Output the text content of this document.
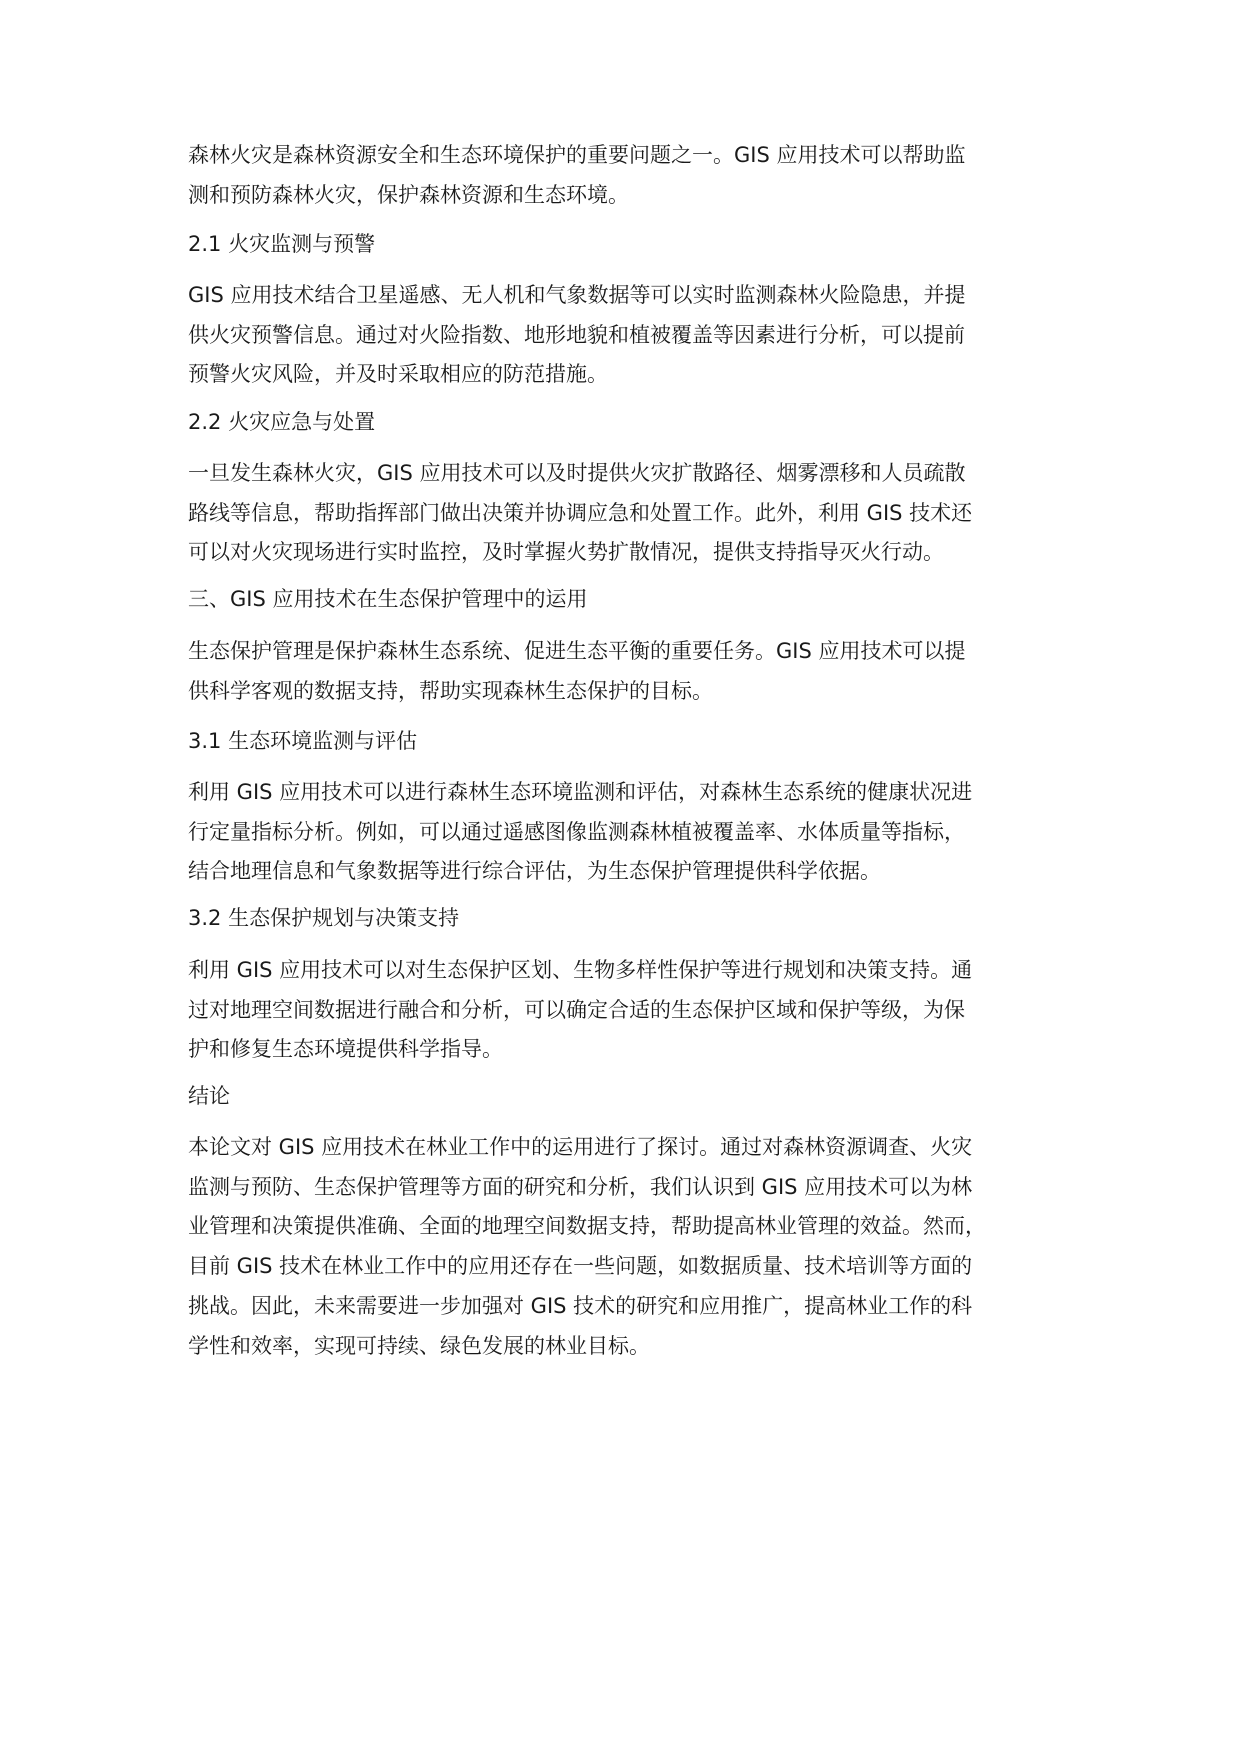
森林火灾是森林资源安全和生态环境保护的重要问题之一。GIS 应用技术可以帮助监
测和预防森林火灾，保护森林资源和生态环境。

2.1 火灾监测与预警

GIS 应用技术结合卫星遥感、无人机和气象数据等可以实时监测森林火险隐患，并提
供火灾预警信息。通过对火险指数、地形地貌和植被覆盖等因素进行分析，可以提前
预警火灾风险，并及时采取相应的防范措施。

2.2 火灾应急与处置

一旦发生森林火灾，GIS 应用技术可以及时提供火灾扩散路径、烟雾漂移和人员疏散
路线等信息，帮助指挥部门做出决策并协调应急和处置工作。此外，利用 GIS 技术还
可以对火灾现场进行实时监控，及时掌握火势扩散情况，提供支持指导灭火行动。

三、GIS 应用技术在生态保护管理中的运用

生态保护管理是保护森林生态系统、促进生态平衡的重要任务。GIS 应用技术可以提
供科学客观的数据支持，帮助实现森林生态保护的目标。

3.1 生态环境监测与评估

利用 GIS 应用技术可以进行森林生态环境监测和评估，对森林生态系统的健康状况进
行定量指标分析。例如，可以通过遥感图像监测森林植被覆盖率、水体质量等指标，
结合地理信息和气象数据等进行综合评估，为生态保护管理提供科学依据。

3.2 生态保护规划与决策支持

利用 GIS 应用技术可以对生态保护区划、生物多样性保护等进行规划和决策支持。通
过对地理空间数据进行融合和分析，可以确定合适的生态保护区域和保护等级，为保
护和修复生态环境提供科学指导。

结论

本论文对 GIS 应用技术在林业工作中的运用进行了探讨。通过对森林资源调查、火灾
监测与预防、生态保护管理等方面的研究和分析，我们认识到 GIS 应用技术可以为林
业管理和决策提供准确、全面的地理空间数据支持，帮助提高林业管理的效益。然而，
目前 GIS 技术在林业工作中的应用还存在一些问题，如数据质量、技术培训等方面的
挑战。因此，未来需要进一步加强对 GIS 技术的研究和应用推广，提高林业工作的科
学性和效率，实现可持续、绿色发展的林业目标。
